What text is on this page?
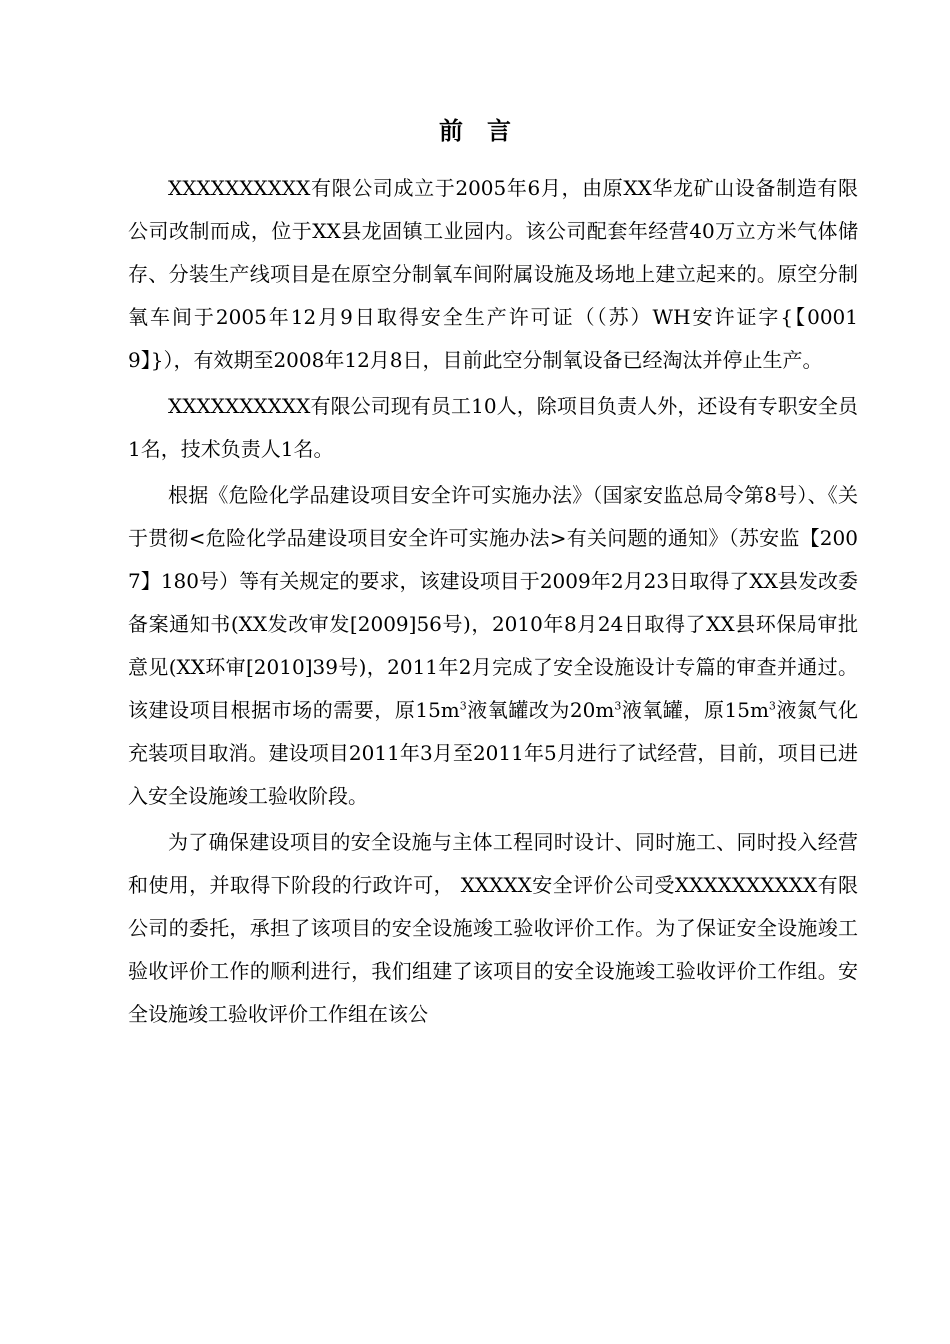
前言

XXXXXXXXXX有限公司成立于2005年6月，由原XX华龙矿山设备制造有限公司改制而成，位于XX县龙固镇工业园内。该公司配套年经营40万立方米气体储存、分装生产线项目是在原空分制氧车间附属设施及场地上建立起来的。原空分制氧车间于2005年12月9日取得安全生产许可证（（苏）WH安许证字{【00019】}），有效期至2008年12月8日，目前此空分制氧设备已经淘汰并停止生产。

XXXXXXXXXX有限公司现有员工10人，除项目负责人外，还设有专职安全员1名，技术负责人1名。

根据《危险化学品建设项目安全许可实施办法》（国家安监总局令第8号）、《关于贯彻<危险化学品建设项目安全许可实施办法>有关问题的通知》（苏安监【2007】180号）等有关规定的要求，该建设项目于2009年2月23日取得了XX县发改委备案通知书(XX发改审发[2009]56号)，2010年8月24日取得了XX县环保局审批意见(XX环审[2010]39号)，2011年2月完成了安全设施设计专篇的审查并通过。该建设项目根据市场的需要，原$15m^3$液氧罐改为$20m^3$液氧罐，原$15m^3$液氮气化充装项目取消。建设项目2011年3月至2011年5月进行了试经营，目前，项目已进入安全设施竣工验收阶段。

为了确保建设项目的安全设施与主体工程同时设计、同时施工、同时投入经营和使用，并取得下阶段的行政许可， XXXXX安全评价公司受XXXXXXXXXX有限公司的委托，承担了该项目的安全设施竣工验收评价工作。为了保证安全设施竣工验收评价工作的顺利进行，我们组建了该项目的安全设施竣工验收评价工作组。安全设施竣工验收评价工作组在该公
